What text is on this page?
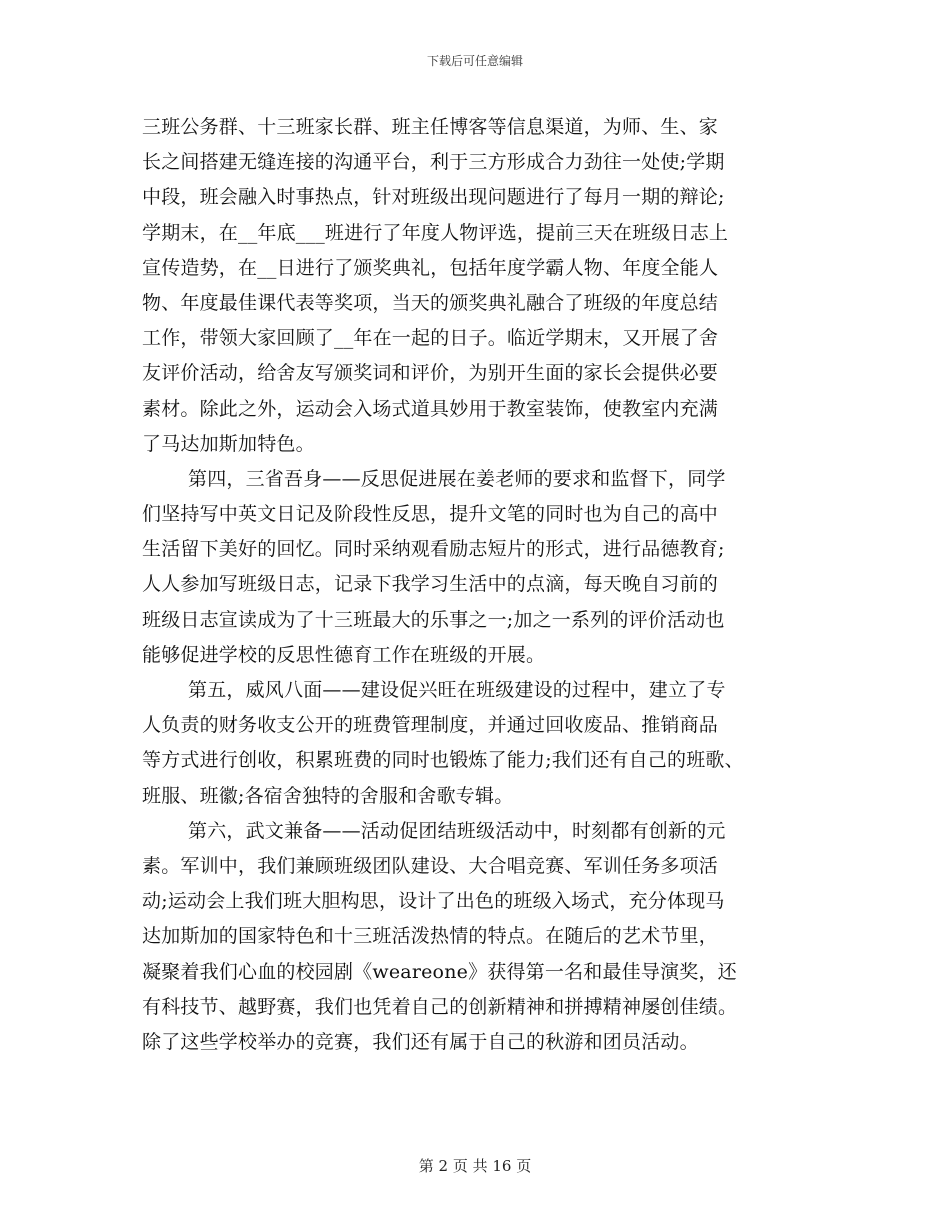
下载后可任意编辑
三班公务群、十三班家长群、班主任博客等信息渠道，为师、生、家
长之间搭建无缝连接的沟通平台，利于三方形成合力劲往一处使;学期
中段，班会融入时事热点，针对班级出现问题进行了每月一期的辩论;
学期末，在__年底___班进行了年度人物评选，提前三天在班级日志上
宣传造势，在__日进行了颁奖典礼，包括年度学霸人物、年度全能人
物、年度最佳课代表等奖项，当天的颁奖典礼融合了班级的年度总结
工作，带领大家回顾了__年在一起的日子。临近学期末，又开展了舍
友评价活动，给舍友写颁奖词和评价，为别开生面的家长会提供必要
素材。除此之外，运动会入场式道具妙用于教室装饰，使教室内充满
了马达加斯加特色。
第四，三省吾身——反思促进展在姜老师的要求和监督下，同学
们坚持写中英文日记及阶段性反思，提升文笔的同时也为自己的高中
生活留下美好的回忆。同时采纳观看励志短片的形式，进行品德教育;
人人参加写班级日志，记录下我学习生活中的点滴，每天晚自习前的
班级日志宣读成为了十三班最大的乐事之一;加之一系列的评价活动也
能够促进学校的反思性德育工作在班级的开展。
第五，威风八面——建设促兴旺在班级建设的过程中，建立了专
人负责的财务收支公开的班费管理制度，并通过回收废品、推销商品
等方式进行创收，积累班费的同时也锻炼了能力;我们还有自己的班歌、
班服、班徽;各宿舍独特的舍服和舍歌专辑。
第六，武文兼备——活动促团结班级活动中，时刻都有创新的元
素。军训中，我们兼顾班级团队建设、大合唱竞赛、军训任务多项活
动;运动会上我们班大胆构思，设计了出色的班级入场式，充分体现马
达加斯加的国家特色和十三班活泼热情的特点。在随后的艺术节里，
凝聚着我们心血的校园剧《weareone》获得第一名和最佳导演奖，还
有科技节、越野赛，我们也凭着自己的创新精神和拼搏精神屡创佳绩。
除了这些学校举办的竞赛，我们还有属于自己的秋游和团员活动。
第 2 页 共 16 页
